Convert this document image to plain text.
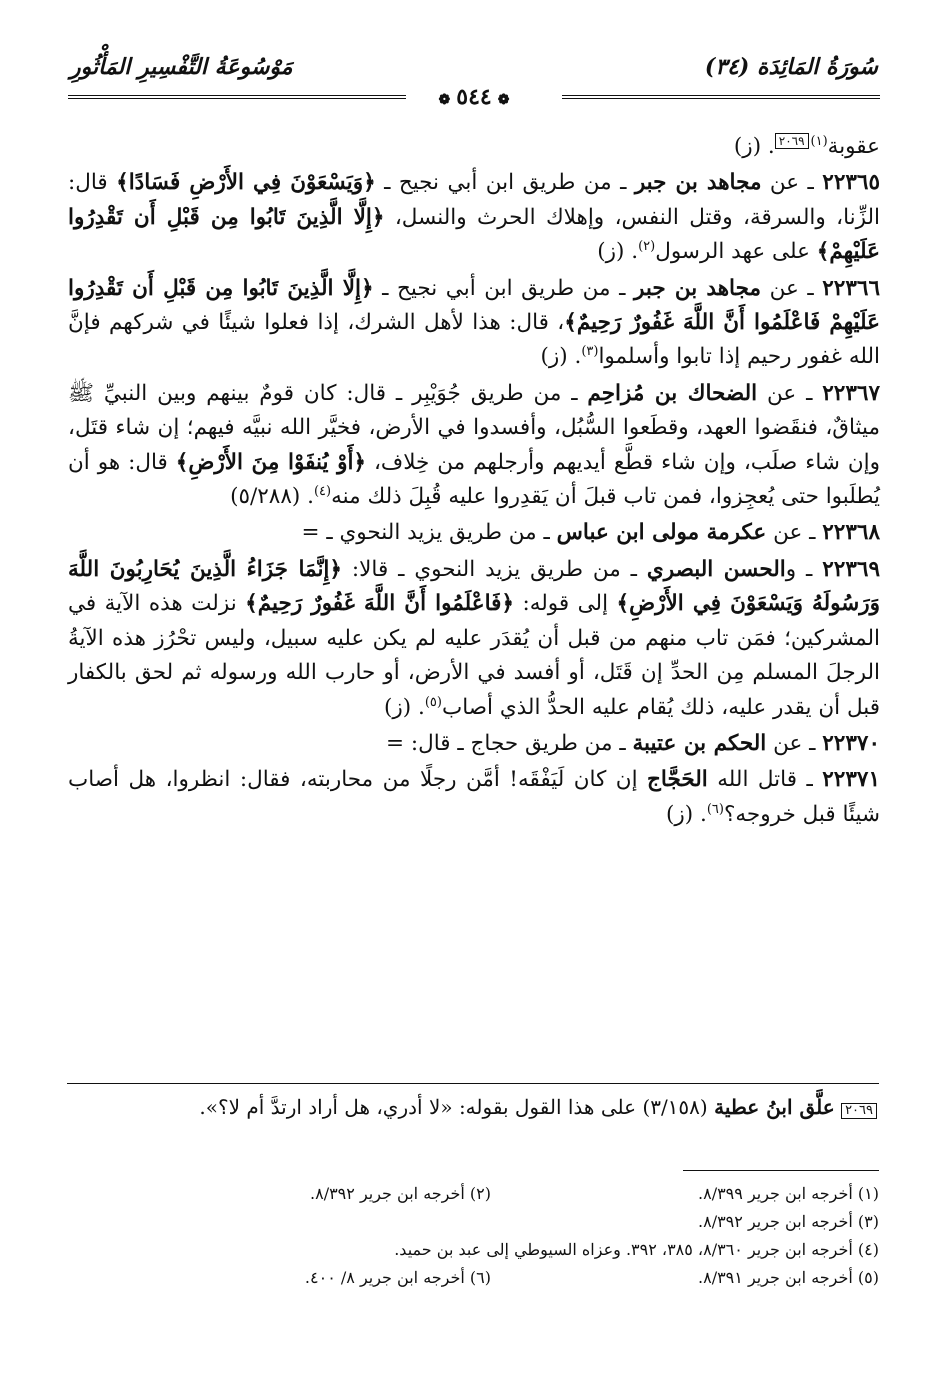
سُورَةُ المَائِدَة (٣٤)
مَوْسُوعَةُ التَّفْسِيرِ المَأْثُورِ
❁٥٤٤❁

عقوبة$^{(١)}$٢٠٦٩. (ز)

٢٢٣٦٥ ـ عن مجاهد بن جبر ـ من طريق ابن أبي نجيح ـ ﴿وَيَسْعَوْنَ فِي الأَرْضِ فَسَادًا﴾ قال: الزِّنا، والسرقة، وقتل النفس، وإهلاك الحرث والنسل، ﴿إِلَّا الَّذِينَ تَابُوا مِن قَبْلِ أَن تَقْدِرُوا عَلَيْهِمْ﴾ على عهد الرسول$^{(٢)}$. (ز)

٢٢٣٦٦ ـ عن مجاهد بن جبر ـ من طريق ابن أبي نجيح ـ ﴿إِلَّا الَّذِينَ تَابُوا مِن قَبْلِ أَن تَقْدِرُوا عَلَيْهِمْ فَاعْلَمُوا أَنَّ اللَّهَ غَفُورٌ رَحِيمٌ﴾، قال: هذا لأهل الشرك، إذا فعلوا شيئًا في شركهم فإنَّ الله غفور رحيم إذا تابوا وأسلموا$^{(٣)}$. (ز)

٢٢٣٦٧ ـ عن الضحاك بن مُزاحِم ـ من طريق جُوَيْبِر ـ قال: كان قومٌ بينهم وبين النبيِّ ﷺ ميثاقٌ، فنقَضوا العهد، وقطَعوا السُّبُل، وأفسدوا في الأرض، فخيَّر الله نبيَّه فيهم؛ إن شاء قتَل، وإن شاء صلَب، وإن شاء قطَّع أيديهم وأرجلهم من خِلاف، ﴿أَوْ يُنفَوْا مِنَ الأَرْضِ﴾ قال: هو أن يُطلَبوا حتى يُعجِزوا، فمن تاب قبلَ أن يَقدِروا عليه قُبِلَ ذلك منه$^{(٤)}$. (٥/٢٨٨)

٢٢٣٦٨ ـ عن عكرمة مولى ابن عباس ـ من طريق يزيد النحوي ـ =

٢٢٣٦٩ ـ والحسن البصري ـ من طريق يزيد النحوي ـ قالا: ﴿إِنَّمَا جَزَاءُ الَّذِينَ يُحَارِبُونَ اللَّهَ وَرَسُولَهُ وَيَسْعَوْنَ فِي الأَرْضِ﴾ إلى قوله: ﴿فَاعْلَمُوا أَنَّ اللَّهَ غَفُورٌ رَحِيمٌ﴾ نزلت هذه الآية في المشركين؛ فمَن تاب منهم من قبل أن يُقدَر عليه لم يكن عليه سبيل، وليس تحْرُز هذه الآيةُ الرجلَ المسلم مِن الحدِّ إن قَتَل، أو أفسد في الأرض، أو حارب الله ورسوله ثم لحق بالكفار قبل أن يقدر عليه، ذلك يُقام عليه الحدُّ الذي أصاب$^{(٥)}$. (ز)

٢٢٣٧٠ ـ عن الحكم بن عتيبة ـ من طريق حجاج ـ قال: =

٢٢٣٧١ ـ قاتل الله الحَجَّاج إن كان لَيَفْقَه! أمَّن رجلًا من محاربته، فقال: انظروا، هل أصاب شيئًا قبل خروجه؟$^{(٦)}$. (ز)

٢٠٦٩ علَّق ابنُ عطية (٣/١٥٨) على هذا القول بقوله: «لا أدري، هل أراد ارتدَّ أم لا؟».
(١) أخرجه ابن جرير ٨/٣٩٩.
(٢) أخرجه ابن جرير ٨/٣٩٢.
(٣) أخرجه ابن جرير ٨/٣٩٢.
(٤) أخرجه ابن جرير ٨/٣٦٠، ٣٨٥، ٣٩٢. وعزاه السيوطي إلى عبد بن حميد.
(٥) أخرجه ابن جرير ٨/٣٩١.
(٦) أخرجه ابن جرير ٨/ ٤٠٠.
